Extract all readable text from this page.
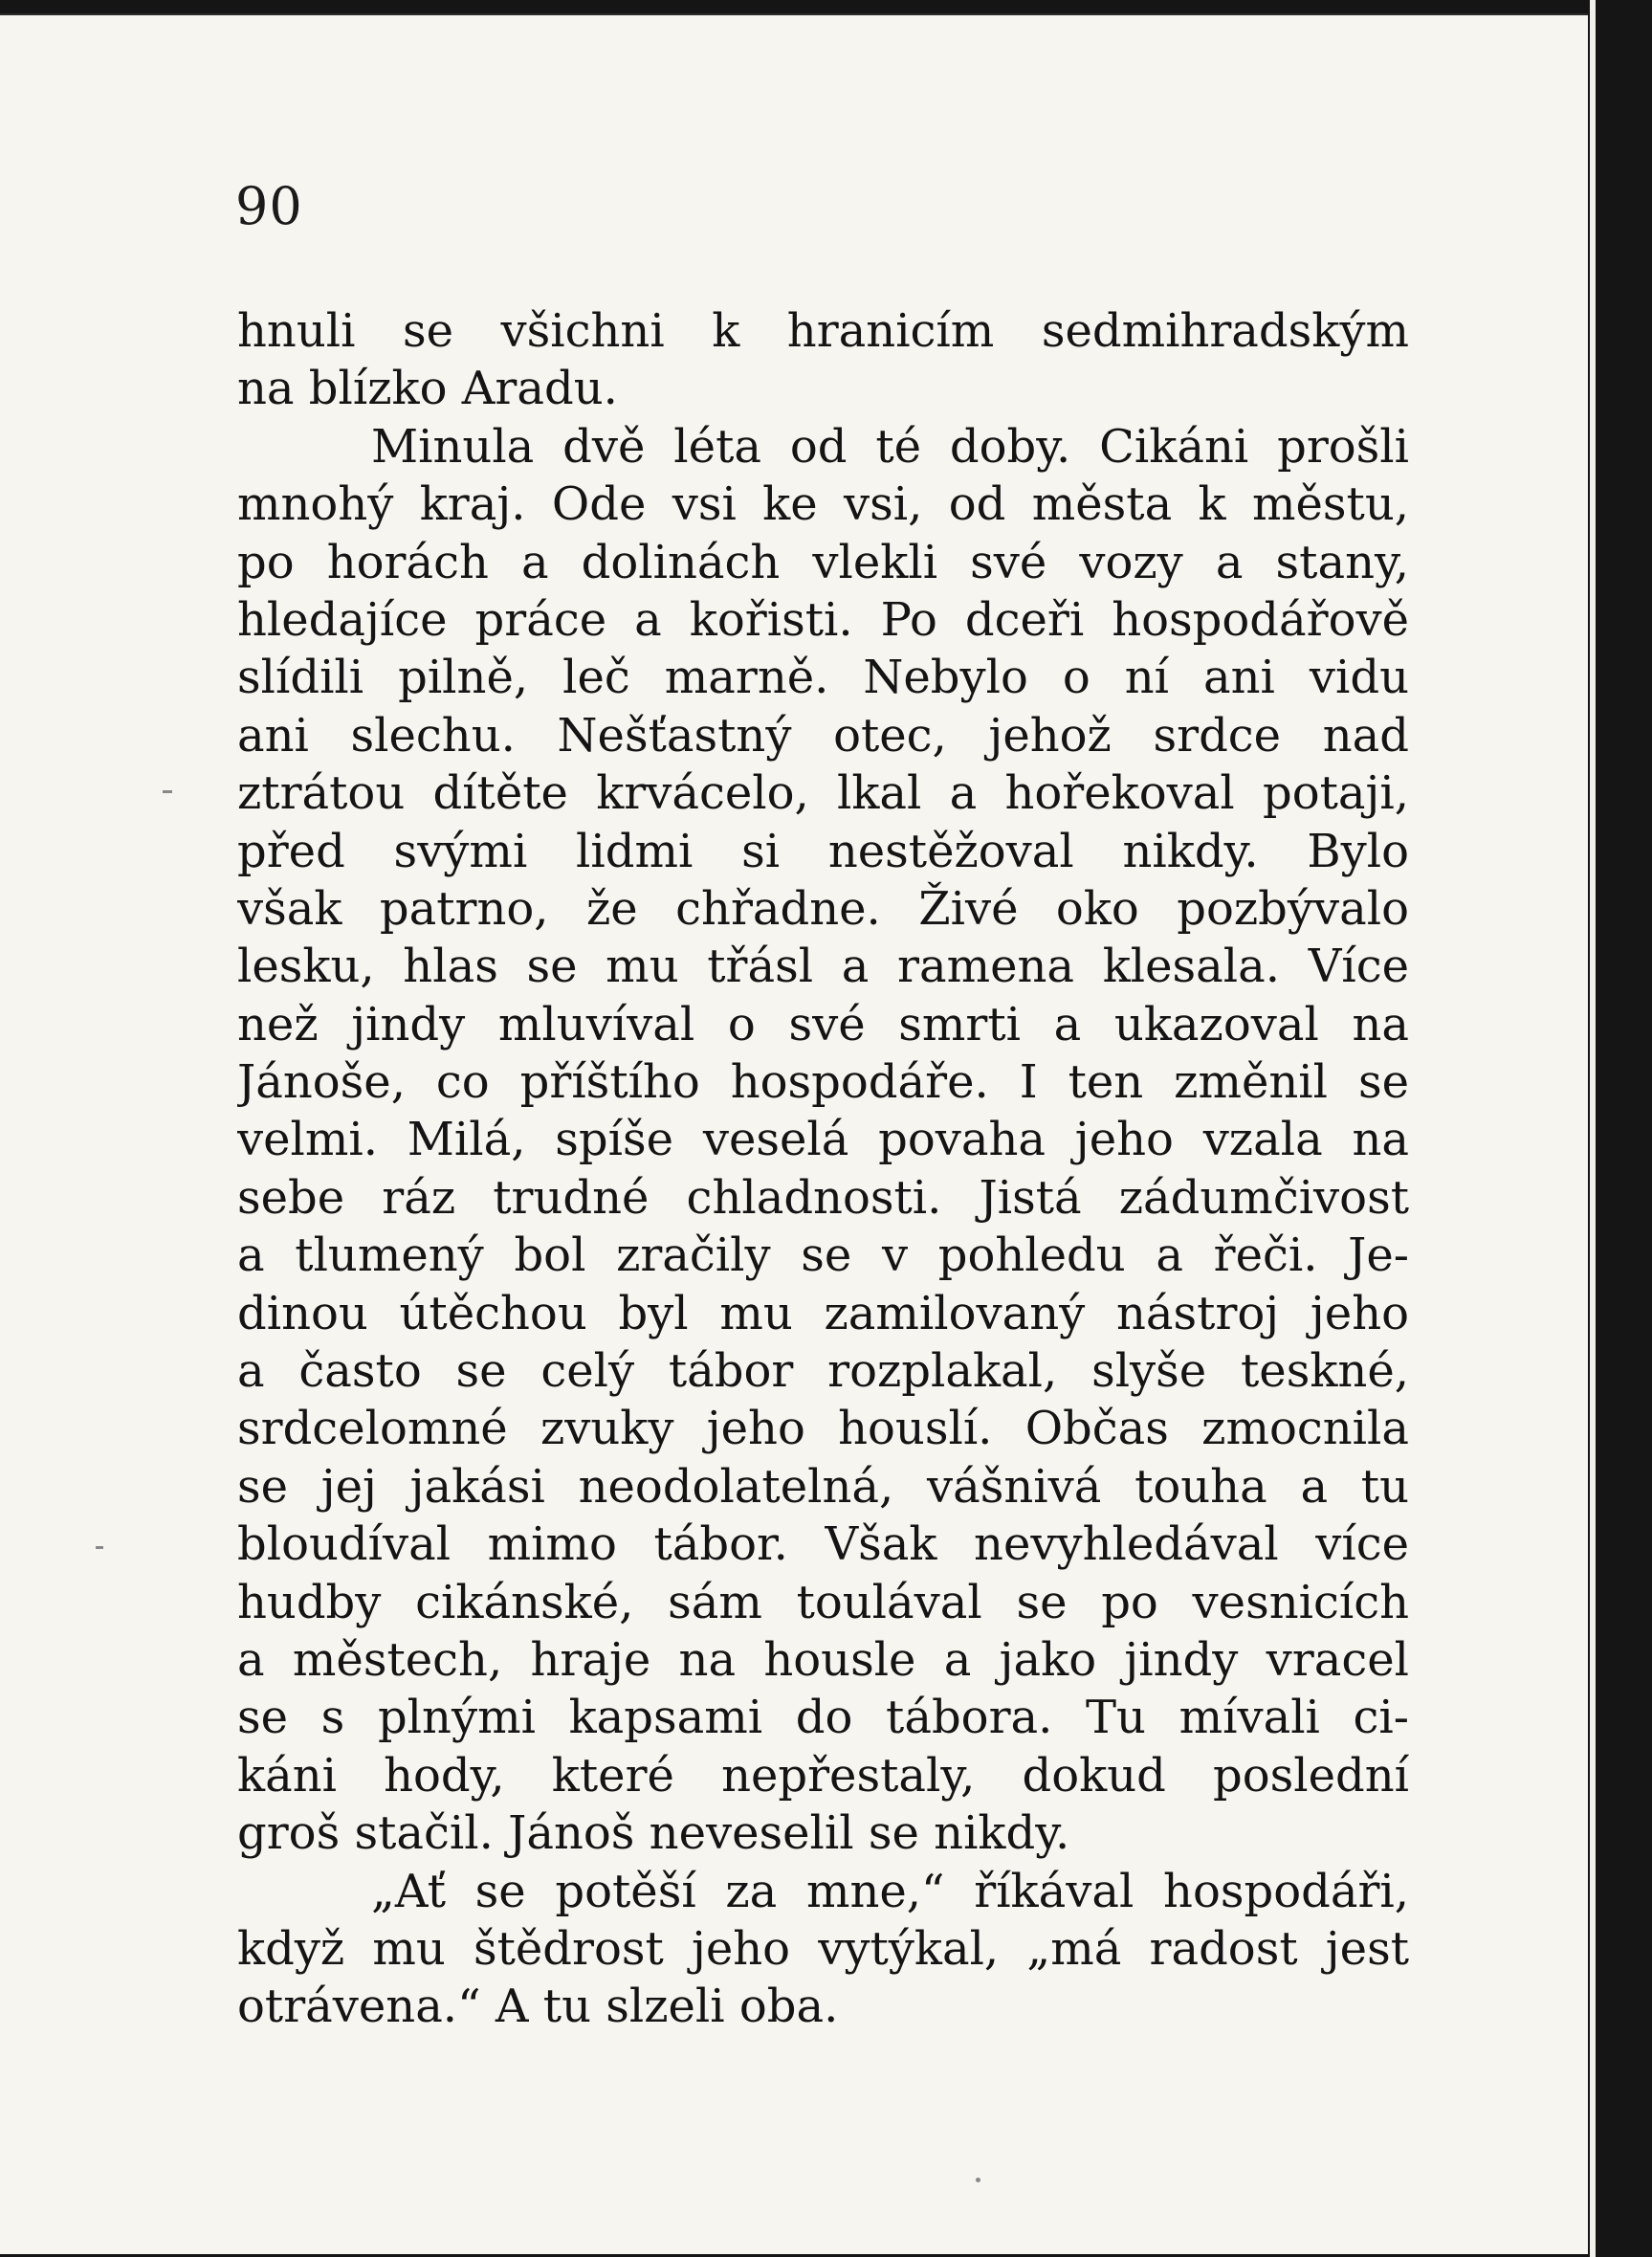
90
hnuli se všichni k hranicím sedmihradským
na blízko Aradu.
Minula dvě léta od té doby. Cikáni prošli
mnohý kraj. Ode vsi ke vsi, od města k městu,
po horách a dolinách vlekli své vozy a stany,
hledajíce práce a kořisti. Po dceři hospodářově
slídili pilně, leč marně. Nebylo o ní ani vidu
ani slechu. Nešťastný otec, jehož srdce nad
ztrátou dítěte krvácelo, lkal a hořekoval potaji,
před svými lidmi si nestěžoval nikdy. Bylo
však patrno, že chřadne. Živé oko pozbývalo
lesku, hlas se mu třásl a ramena klesala. Více
než jindy mluvíval o své smrti a ukazoval na
Jánoše, co příštího hospodáře. I ten změnil se
velmi. Milá, spíše veselá povaha jeho vzala na
sebe ráz trudné chladnosti. Jistá zádumčivost
a tlumený bol zračily se v pohledu a řeči. Je-
dinou útěchou byl mu zamilovaný nástroj jeho
a často se celý tábor rozplakal, slyše teskné,
srdcelomné zvuky jeho houslí. Občas zmocnila
se jej jakási neodolatelná, vášnivá touha a tu
bloudíval mimo tábor. Však nevyhledával více
hudby cikánské, sám toulával se po vesnicích
a městech, hraje na housle a jako jindy vracel
se s plnými kapsami do tábora. Tu mívali ci-
káni hody, které nepřestaly, dokud poslední
groš stačil. Jánoš neveselil se nikdy.
„Ať se potěší za mne,“ říkával hospodáři,
když mu štědrost jeho vytýkal, „má radost jest
otrávena.“ A tu slzeli oba.
